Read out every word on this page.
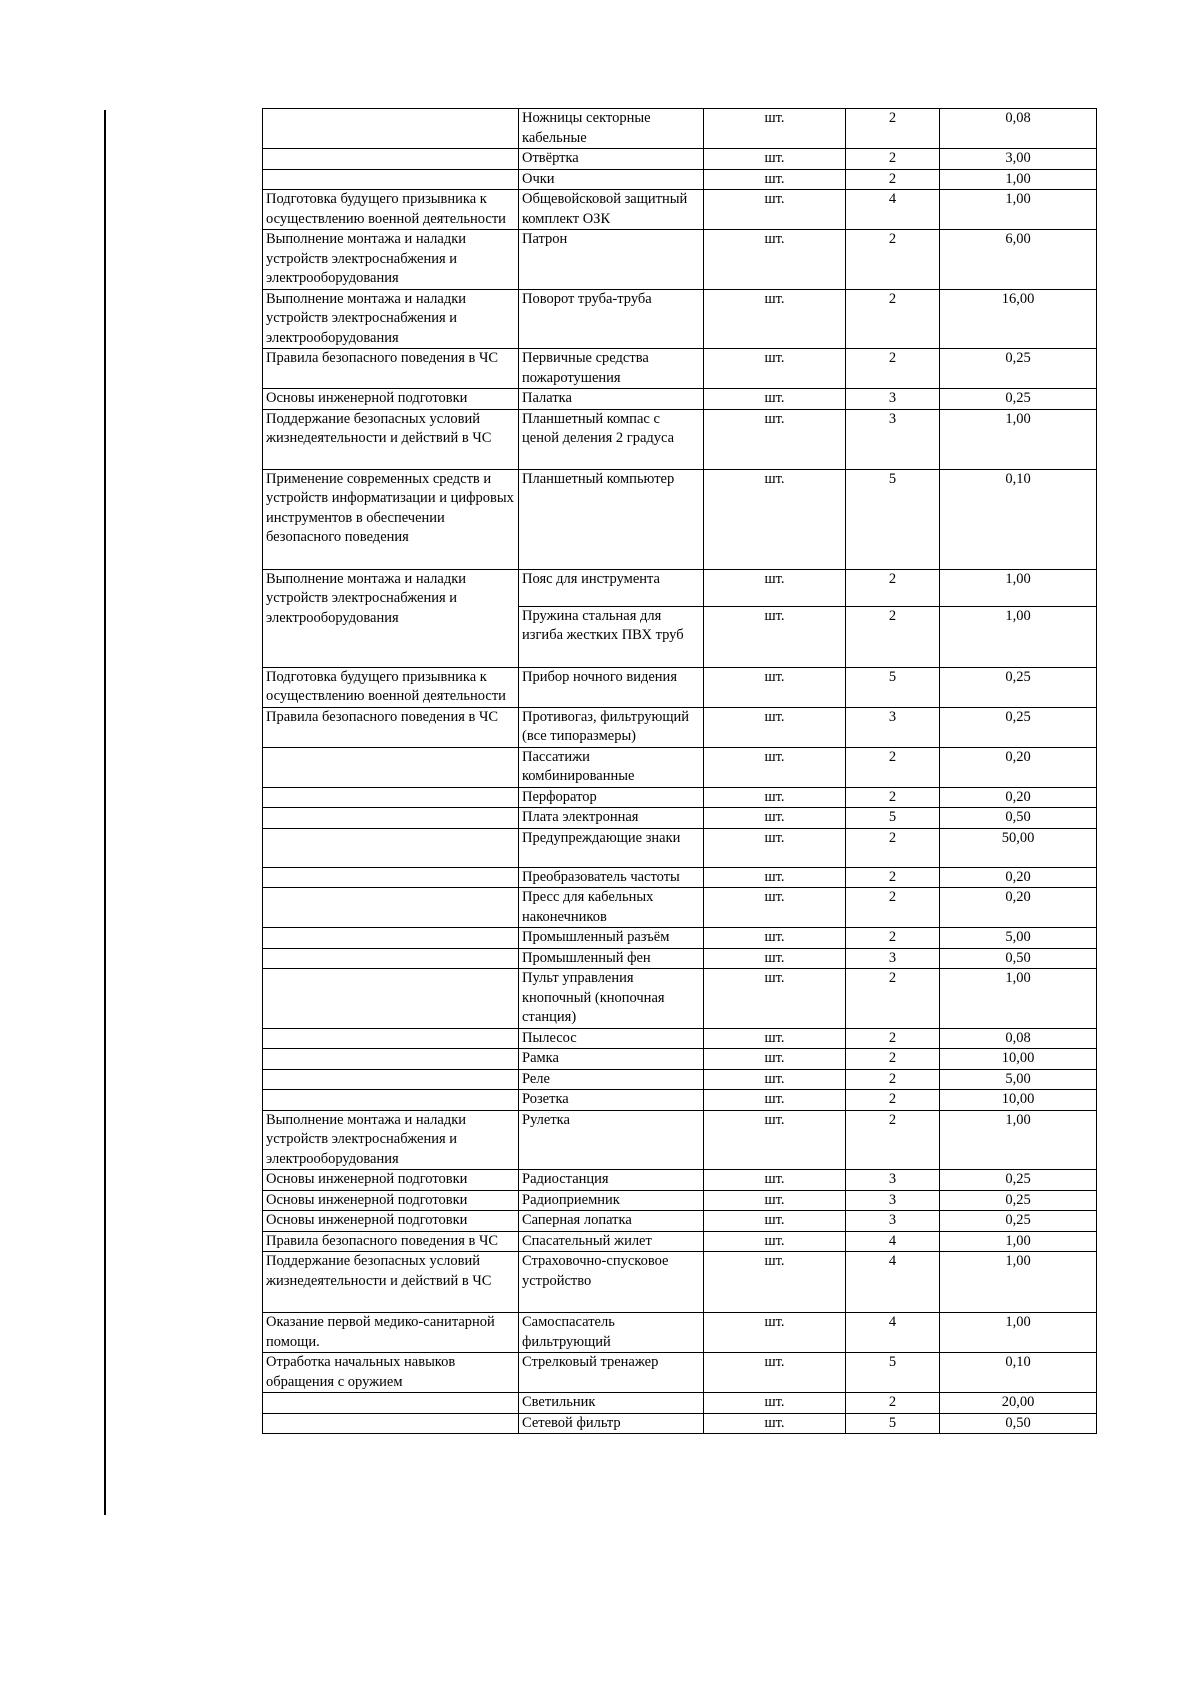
	Ножницы секторные кабельные	шт.	2	0,08
	Отвёртка	шт.	2	3,00
	Очки	шт.	2	1,00
Подготовка будущего призывника к осуществлению военной деятельности	Общевойсковой защитный комплект ОЗК	шт.	4	1,00
Выполнение монтажа и наладки устройств электроснабжения и электрооборудования	Патрон	шт.	2	6,00
Выполнение монтажа и наладки устройств электроснабжения и электрооборудования	Поворот труба-труба	шт.	2	16,00
Правила безопасного поведения в ЧС	Первичные средства пожаротушения	шт.	2	0,25
Основы инженерной подготовки	Палатка	шт.	3	0,25
Поддержание безопасных условий жизнедеятельности и действий в ЧС	Планшетный компас с ценой деления 2 градуса	шт.	3	1,00
Применение современных средств и устройств информатизации и цифровых инструментов в обеспечении безопасного поведения	Планшетный компьютер	шт.	5	0,10
Выполнение монтажа и наладки устройств электроснабжения и электрооборудования	Пояс для инструмента	шт.	2	1,00
	Пружина стальная для изгиба жестких ПВХ труб	шт.	2	1,00
Подготовка будущего призывника к осуществлению военной деятельности	Прибор ночного видения	шт.	5	0,25
Правила безопасного поведения в ЧС	Противогаз, фильтрующий (все типоразмеры)	шт.	3	0,25
	Пассатижи комбинированные	шт.	2	0,20
	Перфоратор	шт.	2	0,20
	Плата электронная	шт.	5	0,50
	Предупреждающие знаки	шт.	2	50,00
	Преобразователь частоты	шт.	2	0,20
	Пресс для кабельных наконечников	шт.	2	0,20
	Промышленный разъём	шт.	2	5,00
	Промышленный фен	шт.	3	0,50
	Пульт управления кнопочный (кнопочная станция)	шт.	2	1,00
	Пылесос	шт.	2	0,08
	Рамка	шт.	2	10,00
	Реле	шт.	2	5,00
	Розетка	шт.	2	10,00
Выполнение монтажа и наладки устройств электроснабжения и электрооборудования	Рулетка	шт.	2	1,00
Основы инженерной подготовки	Радиостанция	шт.	3	0,25
Основы инженерной подготовки	Радиоприемник	шт.	3	0,25
Основы инженерной подготовки	Саперная лопатка	шт.	3	0,25
Правила безопасного поведения в ЧС	Спасательный жилет	шт.	4	1,00
Поддержание безопасных условий жизнедеятельности и действий в ЧС	Страховочно-спусковое устройство	шт.	4	1,00
Оказание первой медико-санитарной помощи.	Самоспасатель фильтрующий	шт.	4	1,00
Отработка начальных навыков обращения с оружием	Стрелковый тренажер	шт.	5	0,10
	Светильник	шт.	2	20,00
	Сетевой фильтр	шт.	5	0,50
